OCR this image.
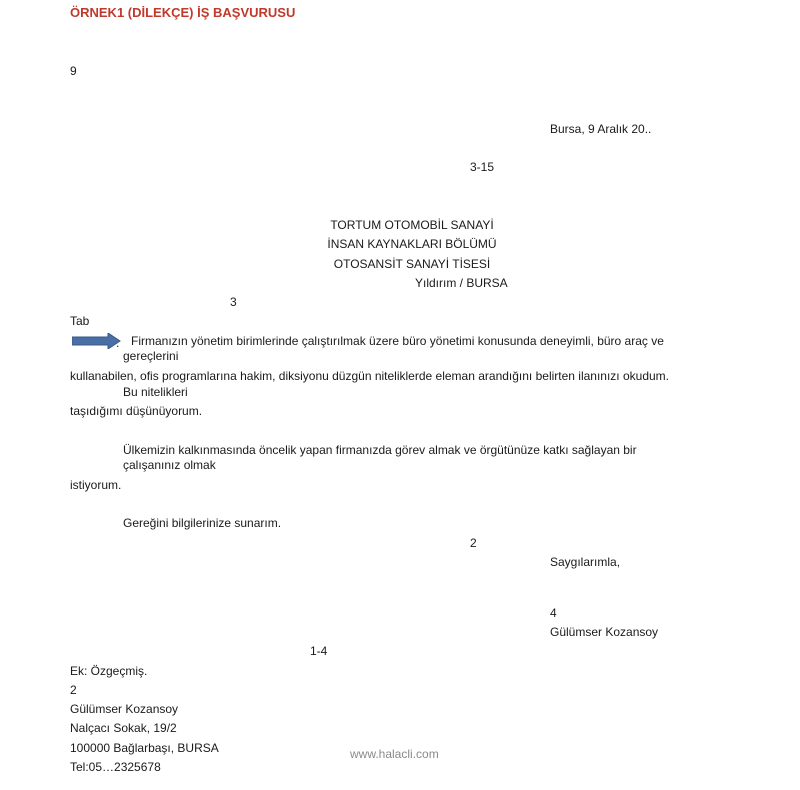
ÖRNEK1 (DİLEKÇE) İŞ BAŞVURUSU
9
Bursa, 9 Aralık 20..
3-15
TORTUM OTOMOBİL SANAYİ
İNSAN KAYNAKLARI BÖLÜMÜ
OTOSANSİT SANAYİ TİSESİ
Yıldırım / BURSA
3
Tab
. Firmanızın yönetim birimlerinde çalıştırılmak üzere büro yönetimi konusunda deneyimli, büro araç ve
gereçlerini
kullanabilen, ofis programlarına hakim, diksiyonu düzgün niteliklerde eleman arandığını belirten ilanınızı okudum.
Bu nitelikleri
taşıdığımı düşünüyorum.
Ülkemizin kalkınmasında öncelik yapan firmanızda görev almak ve örgütünüze katkı sağlayan bir
çalışanınız olmak
istiyorum.
Gereğini bilgilerinize sunarım.
2
Saygılarımla,
4
Gülümser Kozansoy
1-4
Ek: Özgeçmiş.
2
Gülümser Kozansoy
Nalçacı Sokak, 19/2
100000 Bağlarbaşı, BURSA
Tel:05…2325678
www.halacli.com
